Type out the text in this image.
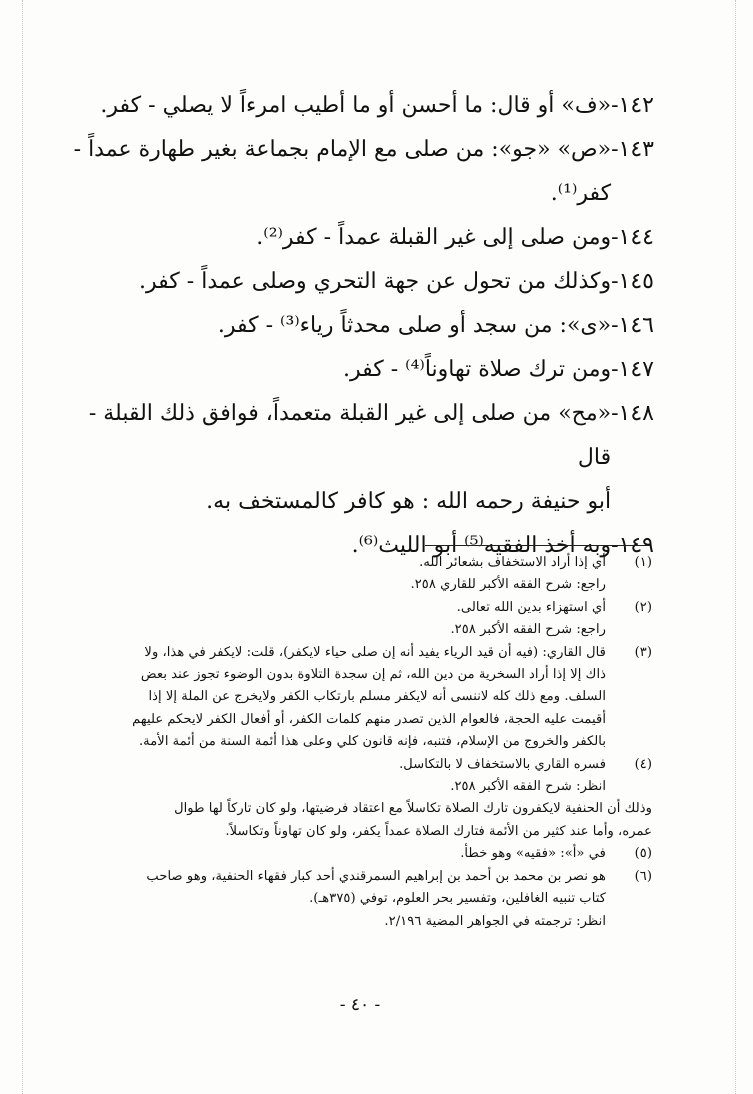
١٤٢-
«ف» أو قال: ما أحسن أو ما أطيب امرءاً لا يصلي - كفر.
١٤٣-
«ص» «جو»: من صلى مع الإمام بجماعة بغير طهارة عمداً -
كفر⁽¹⁾.
١٤٤-
ومن صلى إلى غير القبلة عمداً - كفر⁽²⁾.
١٤٥-
وكذلك من تحول عن جهة التحري وصلى عمداً - كفر.
١٤٦-
«ى»: من سجد أو صلى محدثاً رياء⁽³⁾ - كفر.
١٤٧-
ومن ترك صلاة تهاوناً⁽⁴⁾ - كفر.
١٤٨-
«مح» من صلى إلى غير القبلة متعمداً، فوافق ذلك القبلة - قال
أبو حنيفة رحمه الله : هو كافر كالمستخف به.
١٤٩-
وبه أخذ الفقيه⁽⁵⁾ أبو الليث⁽⁶⁾.
(١)
أي إذا أراد الاستخفاف بشعائر الله.
راجع: شرح الفقه الأكبر للقاري ٢٥٨.
(٢)
أي استهزاء بدين الله تعالى.
راجع: شرح الفقه الأكبر ٢٥٨.
(٣)
قال القاري: (فيه أن قيد الرياء يفيد أنه إن صلى حياء لايكفر)، قلت: لايكفر في هذا، ولا
ذاك إلا إذا أراد السخرية من دين الله، ثم إن سجدة التلاوة بدون الوضوء تجوز عند بعض
السلف. ومع ذلك كله لاننسى أنه لايكفر مسلم بارتكاب الكفر ولايخرج عن الملة إلا إذا
أقيمت عليه الحجة، فالعوام الذين تصدر منهم كلمات الكفر، أو أفعال الكفر لايحكم عليهم
بالكفر والخروج من الإسلام، فتنبه، فإنه قانون كلي وعلى هذا أئمة السنة من أئمة الأمة.
(٤)
فسره القاري بالاستخفاف لا بالتكاسل.
انظر: شرح الفقه الأكبر ٢٥٨.
وذلك أن الحنفية لايكفرون تارك الصلاة تكاسلاً مع اعتقاد فرضيتها، ولو كان تاركاً لها طوال
عمره، وأما عند كثير من الأئمة فتارك الصلاة عمداً يكفر، ولو كان تهاوناً وتكاسلاً.
(٥)
في «أ»: «فقيه» وهو خطأ.
(٦)
هو نصر بن محمد بن أحمد بن إبراهيم السمرقندي أحد كبار فقهاء الحنفية، وهو صاحب
كتاب تنبيه الغافلين، وتفسير بحر العلوم، توفي (٣٧٥هـ).
انظر: ترجمته في الجواهر المضية ٢/١٩٦.
- ٤٠ -
